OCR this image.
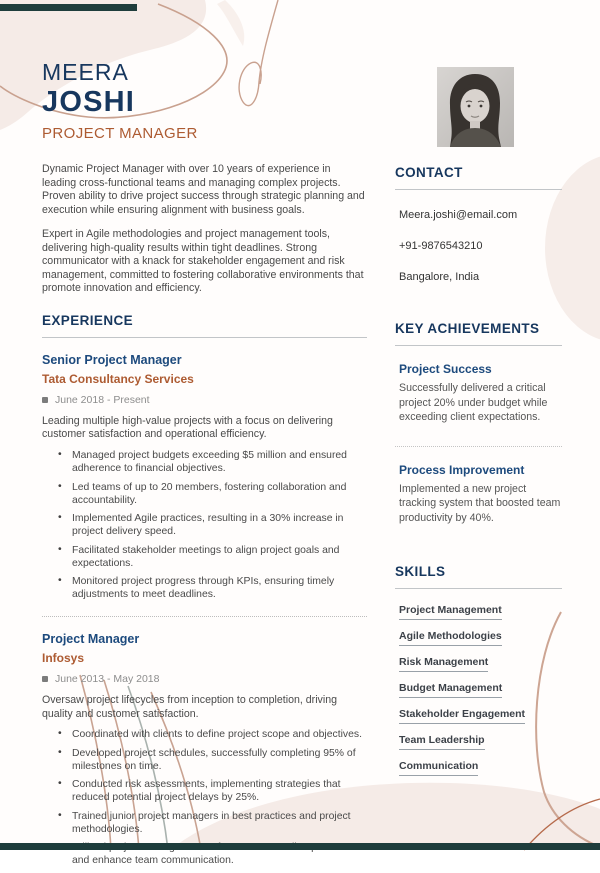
MEERA
JOSHI
PROJECT MANAGER

Dynamic Project Manager with over 10 years of experience in leading cross-functional teams and managing complex projects. Proven ability to drive project success through strategic planning and execution while ensuring alignment with business goals.

Expert in Agile methodologies and project management tools, delivering high-quality results within tight deadlines. Strong communicator with a knack for stakeholder engagement and risk management, committed to fostering collaborative environments that promote innovation and efficiency.

EXPERIENCE
Senior Project Manager
Tata Consultancy Services
June 2018 - Present

Leading multiple high-value projects with a focus on delivering customer satisfaction and operational efficiency.

• Managed project budgets exceeding $5 million and ensured adherence to financial objectives.
• Led teams of up to 20 members, fostering collaboration and accountability.
• Implemented Agile practices, resulting in a 30% increase in project delivery speed.
• Facilitated stakeholder meetings to align project goals and expectations.
• Monitored project progress through KPIs, ensuring timely adjustments to meet deadlines.
Project Manager
Infosys
June 2013 - May 2018

Oversaw project lifecycles from inception to completion, driving quality and customer satisfaction.

• Coordinated with clients to define project scope and objectives.
• Developed project schedules, successfully completing 95% of milestones on time.
• Conducted risk assessments, implementing strategies that reduced potential project delays by 25%.
• Trained junior project managers in best practices and project methodologies.
• and enhance team communication.
CONTACT
Meera.joshi@email.com
+91-9876543210
Bangalore, India
KEY ACHIEVEMENTS
Project Success

Successfully delivered a critical project 20% under budget while exceeding client expectations.

Process Improvement

Implemented a new project tracking system that boosted team productivity by 40%.

SKILLS
Project Management
Agile Methodologies
Risk Management
Budget Management
Stakeholder Engagement
Team Leadership
Communication
